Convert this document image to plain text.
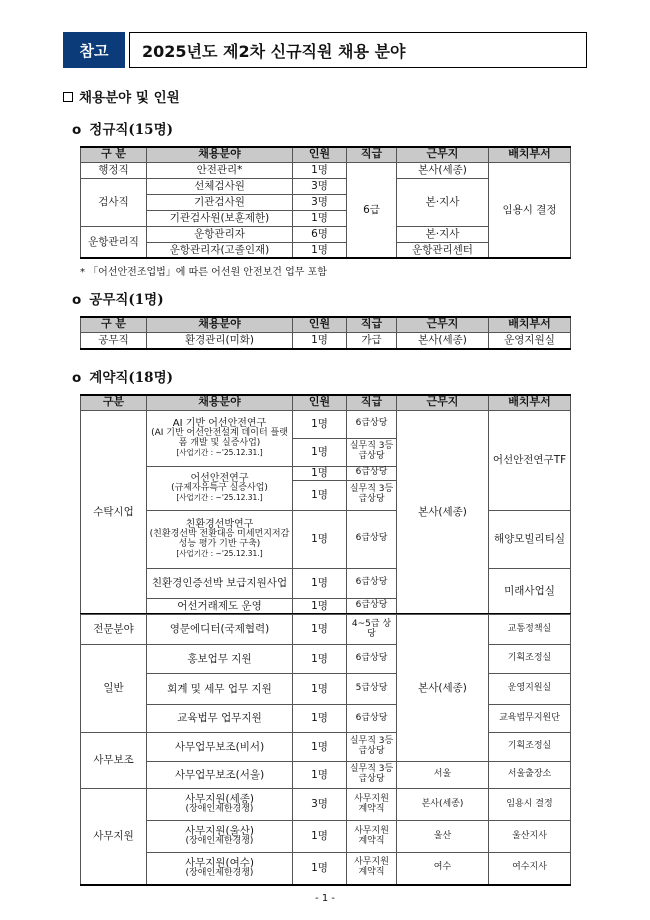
참고	2025년도 제2차 신규직원 채용 분야
채용분야 및 인원
o 정규직(15명)
구 분	채용분야	인원	직급	근무지	배치부서
행정직	안전관리*	1명	6급	본사(세종)	임용시 결정
검사직	선체검사원	3명		본·지사	
	기관검사원	3명			
	기관검사원(보훈제한)	1명			
운항관리직	운항관리자	6명		본·지사	
	운항관리자(고졸인재)	1명		운항관리센터	
* 「어선안전조업법」에 따른 어선원 안전보건 업무 포함
o 공무직(1명)
구 분	채용분야	인원	직급	근무지	배치부서
공무직	환경관리(미화)	1명	가급	본사(세종)	운영지원실
o 계약직(18명)
구분	채용분야	인원	직급	근무지	배치부서
수탁시업	AI 기반 어선안전연구
(AI 기반 어선안전설계 데이터 플랫폼 개발 및 실증사업)
[사업기간 : ~'25.12.31.]	1명	6급상당	본사(세종)	어선안전연구TF
		1명	실무직 3등급상당		

	어선안전연구
(규제자유특구 실증사업)
[사업기간 : ~'25.12.31.]	1명	6급상당		
		1명	실무직 3등급상당		

	친환경선박연구
(친환경선박 전환대응 미세먼지저감 성능 평가 기반 구축)
[사업기간 : ~'25.12.31.]	1명	6급상당		해양모빌리티실
	친환경인증선박 보급지원사업	1명	6급상당		미래사업실
	어선거래제도 운영	1명	6급상당		
전문분야	영문에디터(국제협력)	1명	4~5급 상당	본사(세종)	교통정책실
일반	홍보업무 지원	1명	6급상당		기획조정실
	회계 및 세무 업무 지원	1명	5급상당		운영지원실
	교육법무 업무지원	1명	6급상당		교육법무지원단
사무보조	사무업무보조(비서)	1명	실무직 3등급상당		기획조정실
	사무업무보조(서울)	1명	실무직 3등급상당	서울	서울출장소
사무지원	사무지원(세종)
(장애인제한경쟁)	3명	사무지원 계약직	본사(세종)	임용시 결정

	사무지원(울산)
(장애인제한경쟁)	1명	사무지원 계약직	울산	울산지사

	사무지원(여수)
(장애인제한경쟁)	1명	사무지원 계약직	여수	여수지사
- 1 -
